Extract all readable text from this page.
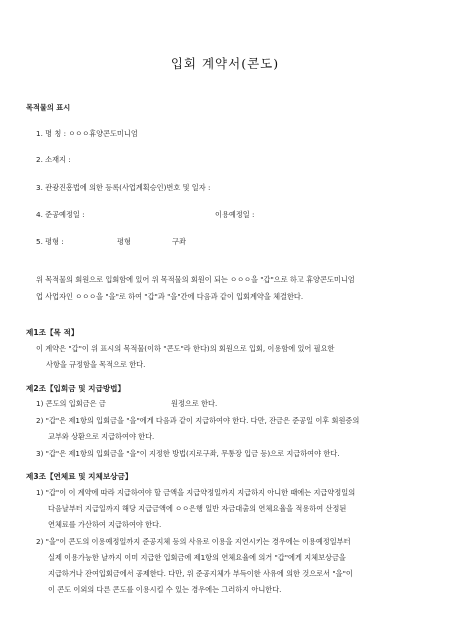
입회 계약서(콘도)
목적물의 표시
1. 명 칭 : ㅇㅇㅇ휴양콘도미니엄
2. 소재지 :
3. 관광진흥법에 의한 등록(사업계획승인)번호 및 일자 :
4. 준공예정일 :	이용예정일 :
5. 평형 :	평형	구좌
위 목적물의 회원으로 입회함에 있어 위 목적물의 회원이 되는 ㅇㅇㅇ을 "갑"으로 하고 휴양콘도미니엄
업 사업자인 ㅇㅇㅇ을 "을"로 하여 "갑"과 "을"간에 다음과 같이 입회계약을 체결한다.
제1조【목 적】
이 계약은 "갑"이 위 표시의 목적물(이하 "콘도"라 한다)의 회원으로 입회, 이용함에 있어 필요한
사항을 규정함을 목적으로 한다.
제2조【입회금 및 지급방법】
1) 콘도의 입회금은 금	원정으로 한다.
2) "갑"은 제1항의 입회금을 "을"에게 다음과 같이 지급하여야 한다. 다만, 잔금은 준공일 이후 회원증의
교부와 상환으로 지급하여야 한다.
3) "갑"은 제1항의 입회금을 "을"이 지정한 방법(지로구좌, 무통장 입금 등)으로 지급하여야 한다.
제3조【연체료 및 지체보상금】
1) "갑"이 이 계약에 따라 지급하여야 할 금액을 지급약정일까지 지급하지 아니한 때에는 지급약정일의
다음날부터 지급일까지 해당 지급금액에 ㅇㅇ은행 일반 자금대출의 연체요율을 적용하여 산정된
연체료를 가산하여 지급하여야 한다.
2) "을"이 콘도의 이용예정일까지 준공지체 등의 사유로 이용을 지연시키는 경우에는 이용예정일부터
실제 이용가능한 날까지 이미 지급한 입회금에 제1항의 연체요율에 의거 "갑"에게 지체보상금을
지급하거나 잔여입회금에서 공제한다. 다만, 위 준공지체가 부득이한 사유에 의한 것으로서 "을"이
이 콘도 이외의 다른 콘도를 이용시킬 수 있는 경우에는 그러하지 아니한다.
